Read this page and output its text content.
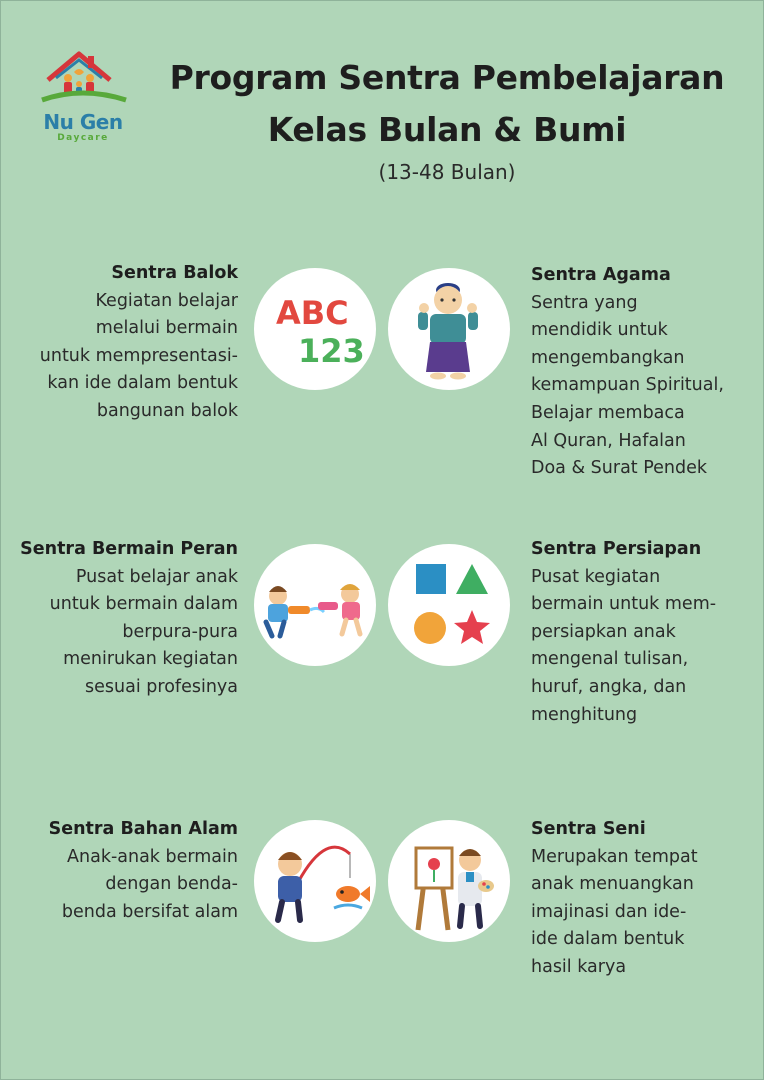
Nu Gen
Daycare
Program Sentra Pembelajaran
Kelas Bulan & Bumi
(13-48 Bulan)
Sentra Balok
Kegiatan belajar
melalui bermain
untuk mempresentasi-
kan ide dalam bentuk
bangunan balok
ABC
123
Sentra Agama
Sentra yang
mendidik untuk
mengembangkan
kemampuan Spiritual,
Belajar membaca
Al Quran, Hafalan
Doa & Surat Pendek
Sentra Bermain Peran
Pusat belajar anak
untuk bermain dalam
berpura-pura
menirukan kegiatan
sesuai profesinya
Sentra Persiapan
Pusat kegiatan
bermain untuk mem-
persiapkan anak
mengenal tulisan,
huruf, angka, dan
menghitung
Sentra Bahan Alam
Anak-anak bermain
dengan benda-
benda bersifat alam
Sentra Seni
Merupakan tempat
anak menuangkan
imajinasi dan ide-
ide dalam bentuk
hasil karya
